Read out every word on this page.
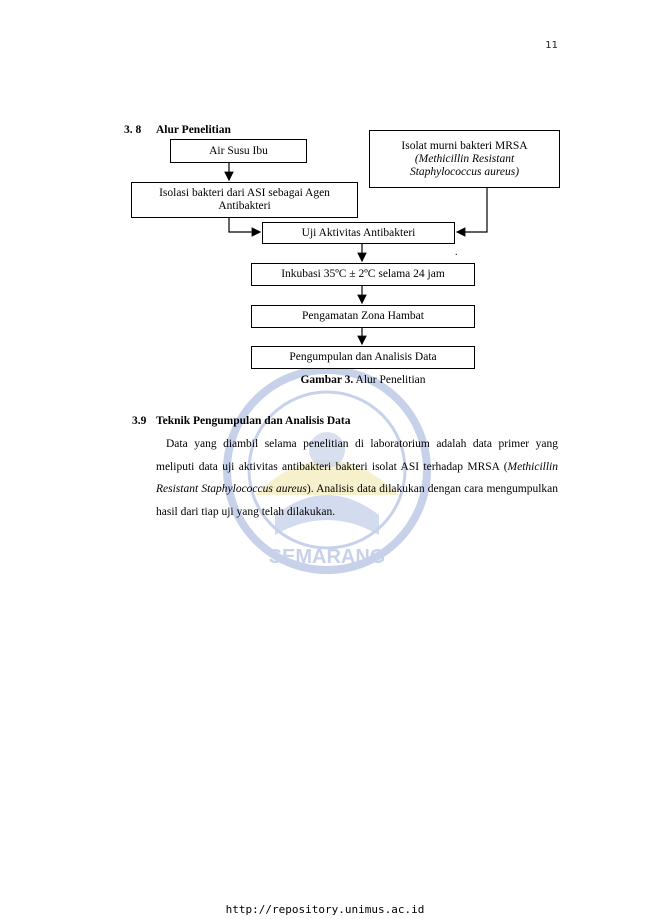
11
SEMARANG
3. 8 Alur Penelitian
Air Susu Ibu
Isolasi bakteri dari ASI sebagai Agen Antibakteri
Isolat murni bakteri MRSA
(Methicillin Resistant
Staphylococcus aureus)
Uji Aktivitas Antibakteri
.
Inkubasi 35ºC ± 2ºC selama 24 jam
Pengamatan Zona Hambat
Pengumpulan dan Analisis Data
Gambar 3. Alur Penelitian
3.9 Teknik Pengumpulan dan Analisis Data
Data yang diambil selama penelitian di laboratorium adalah data primer yang meliputi data uji aktivitas antibakteri bakteri isolat ASI terhadap MRSA (Methicillin Resistant Staphylococcus aureus). Analisis data dilakukan dengan cara mengumpulkan hasil dari tiap uji yang telah dilakukan.
http://repository.unimus.ac.id
